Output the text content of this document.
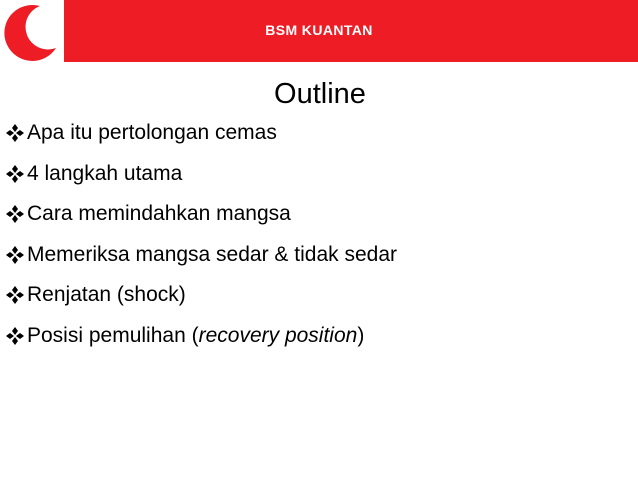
BSM KUANTAN
Outline
Apa itu pertolongan cemas
4 langkah utama
Cara memindahkan mangsa
Memeriksa mangsa sedar & tidak sedar
Renjatan (shock)
Posisi pemulihan (recovery position)
